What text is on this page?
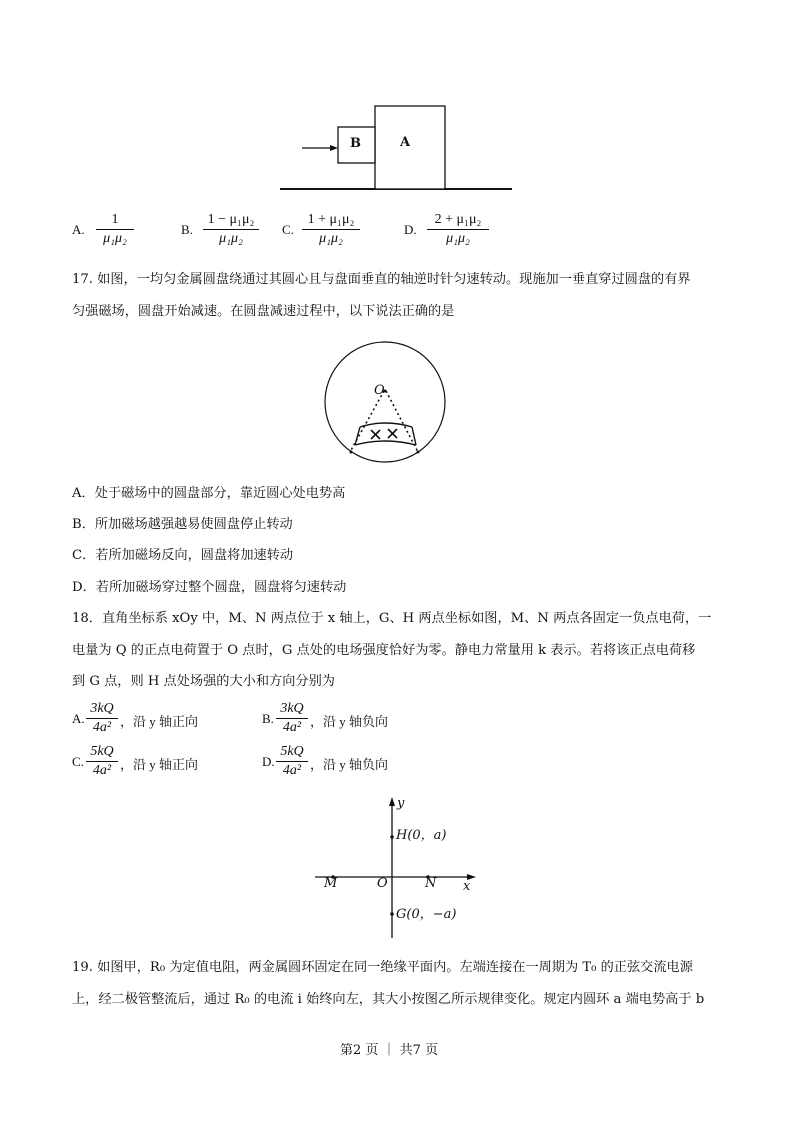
B	A
A.
1
μ₁μ₂
B.
1 − μ₁μ₂
μ₁μ₂
C.
1 + μ₁μ₂
μ₁μ₂
D.
2 + μ₁μ₂
μ₁μ₂
17. 如图，一均匀金属圆盘绕通过其圆心且与盘面垂直的轴逆时针匀速转动。现施加一垂直穿过圆盘的有界
匀强磁场，圆盘开始减速。在圆盘减速过程中，以下说法正确的是
O
A．处于磁场中的圆盘部分，靠近圆心处电势高
B．所加磁场越强越易使圆盘停止转动
C．若所加磁场反向，圆盘将加速转动
D．若所加磁场穿过整个圆盘，圆盘将匀速转动
18．直角坐标系 xOy 中，M、N 两点位于 x 轴上，G、H 两点坐标如图，M、N 两点各固定一负点电荷，一
电量为 Q 的正点电荷置于 O 点时，G 点处的电场强度恰好为零。静电力常量用 k 表示。若将该正点电荷移
到 G 点，则 H 点处场强的大小和方向分别为
A.
3kQ
4a² ，沿 y 轴正向	B.
3kQ
4a² ，沿 y 轴负向
C.
5kQ
4a² ，沿 y 轴正向	D.
5kQ
4a² ，沿 y 轴负向
y
x
H(0，a)
G(0，−a)
M	O	N
19. 如图甲，R₀ 为定值电阻，两金属圆环固定在同一绝缘平面内。左端连接在一周期为 T₀ 的正弦交流电源
上，经二极管整流后，通过 R₀ 的电流 i 始终向左，其大小按图乙所示规律变化。规定内圆环 a 端电势高于 b
第2 页 ｜ 共7 页
